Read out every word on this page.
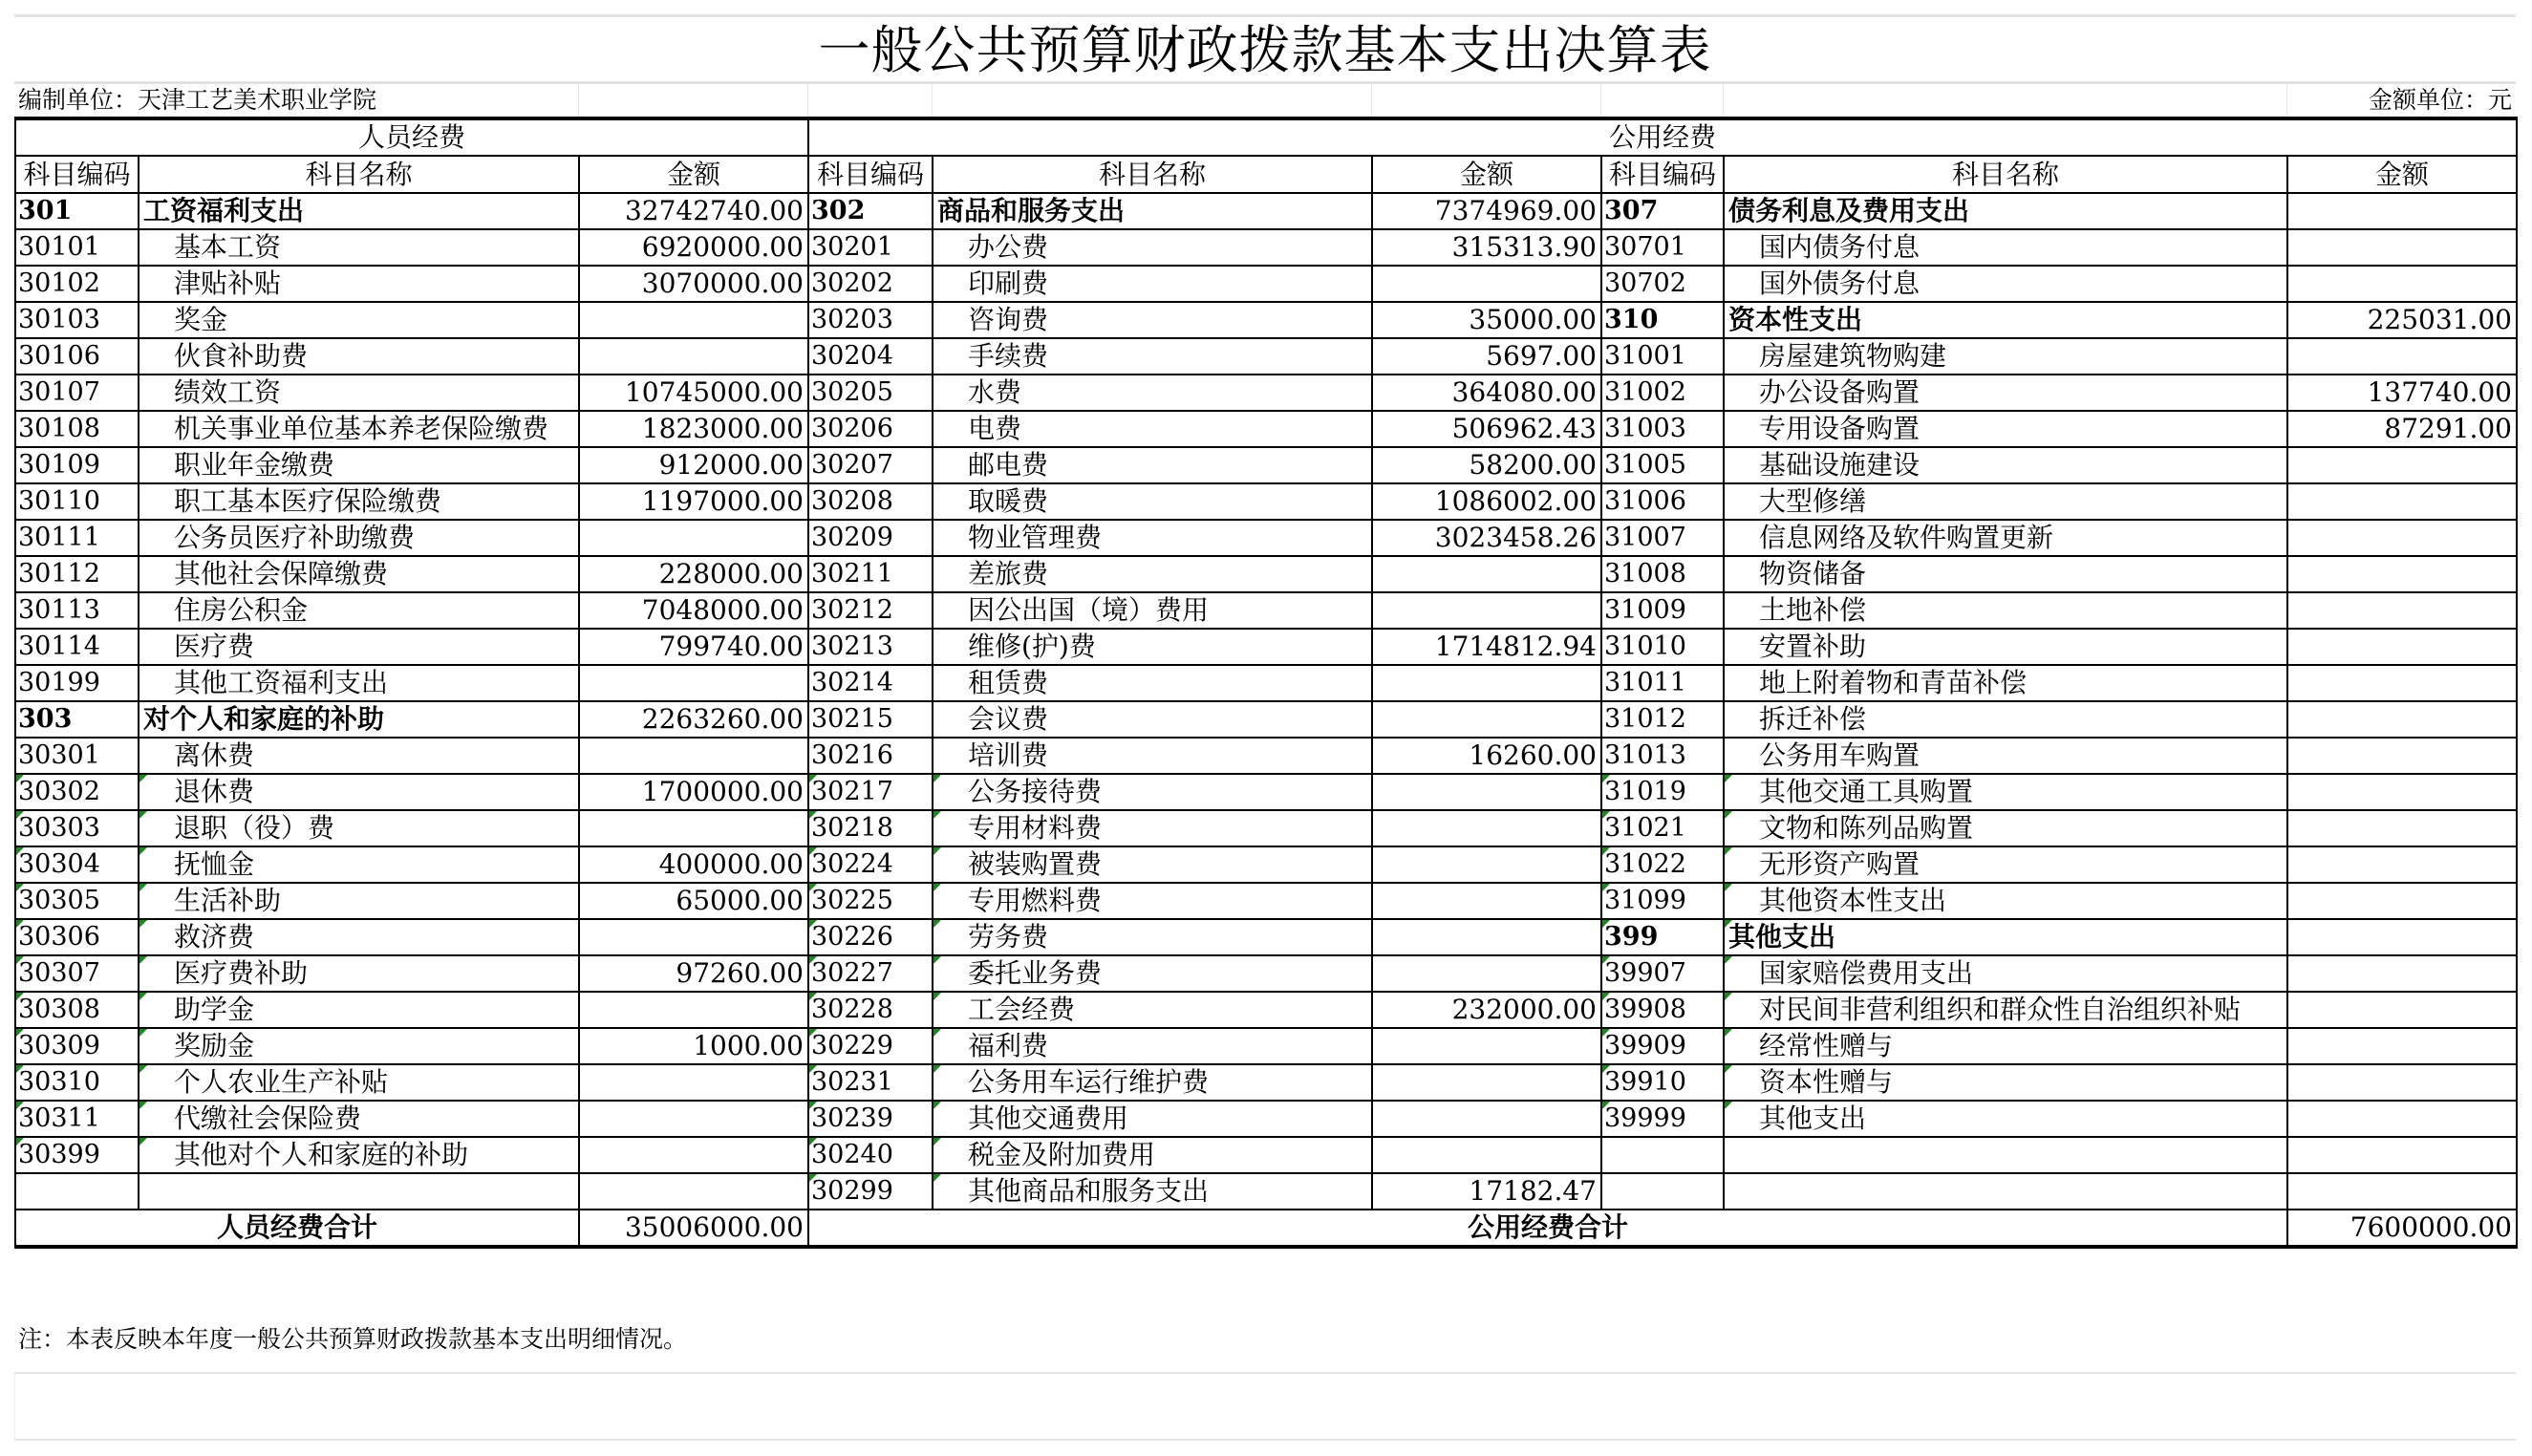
一般公共预算财政拨款基本支出决算表
编制单位：天津工艺美术职业学院	金额单位：元
人员经费			公用经费					
科目编码	科目名称	金额	科目编码	科目名称	金额	科目编码	科目名称	金额
301	工资福利支出	32742740.00	302	商品和服务支出	7374969.00	307	债务利息及费用支出	
30101	基本工资	6920000.00	30201	办公费	315313.90	30701	国内债务付息	
30102	津贴补贴	3070000.00	30202	印刷费		30702	国外债务付息	
30103	奖金		30203	咨询费	35000.00	310	资本性支出	225031.00
30106	伙食补助费		30204	手续费	5697.00	31001	房屋建筑物购建	
30107	绩效工资	10745000.00	30205	水费	364080.00	31002	办公设备购置	137740.00
30108	机关事业单位基本养老保险缴费	1823000.00	30206	电费	506962.43	31003	专用设备购置	87291.00
30109	职业年金缴费	912000.00	30207	邮电费	58200.00	31005	基础设施建设	
30110	职工基本医疗保险缴费	1197000.00	30208	取暖费	1086002.00	31006	大型修缮	
30111	公务员医疗补助缴费		30209	物业管理费	3023458.26	31007	信息网络及软件购置更新	
30112	其他社会保障缴费	228000.00	30211	差旅费		31008	物资储备	
30113	住房公积金	7048000.00	30212	因公出国（境）费用		31009	土地补偿	
30114	医疗费	799740.00	30213	维修(护)费	1714812.94	31010	安置补助	
30199	其他工资福利支出		30214	租赁费		31011	地上附着物和青苗补偿	
303	对个人和家庭的补助	2263260.00	30215	会议费		31012	拆迁补偿	
30301	离休费		30216	培训费	16260.00	31013	公务用车购置	
30302	退休费	1700000.00	30217	公务接待费		31019	其他交通工具购置	
30303	退职（役）费		30218	专用材料费		31021	文物和陈列品购置	
30304	抚恤金	400000.00	30224	被装购置费		31022	无形资产购置	
30305	生活补助	65000.00	30225	专用燃料费		31099	其他资本性支出	
30306	救济费		30226	劳务费		399	其他支出	
30307	医疗费补助	97260.00	30227	委托业务费		39907	国家赔偿费用支出	
30308	助学金		30228	工会经费	232000.00	39908	对民间非营利组织和群众性自治组织补贴	
30309	奖励金	1000.00	30229	福利费		39909	经常性赠与	
30310	个人农业生产补贴		30231	公务用车运行维护费		39910	资本性赠与	
30311	代缴社会保险费		30239	其他交通费用		39999	其他支出	
30399	其他对个人和家庭的补助		30240	税金及附加费用				
			30299	其他商品和服务支出	17182.47			
人员经费合计		35006000.00	公用经费合计					7600000.00
注：本表反映本年度一般公共预算财政拨款基本支出明细情况。
